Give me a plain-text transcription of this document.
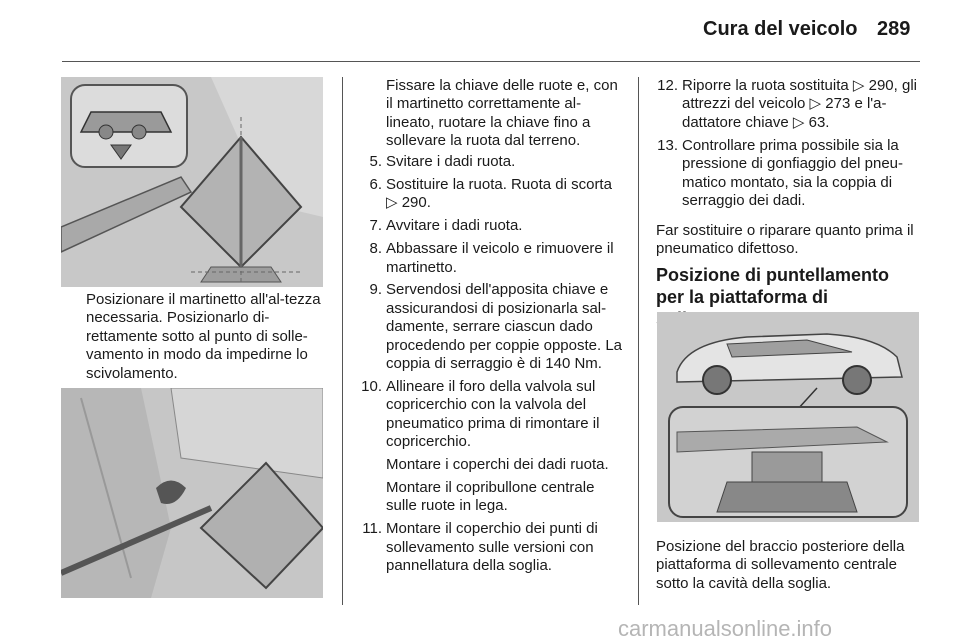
Cura del veicolo 289

Posizionare il martinetto all'al-tezza necessaria. Posizionarlo di-rettamente sotto al punto di solle-vamento in modo da impedirne lo scivolamento.

Fissare la chiave delle ruote e, con il martinetto correttamente al-lineato, ruotare la chiave fino a sollevare la ruota dal terreno.

5. Svitare i dadi ruota.

6. Sostituire la ruota. Ruota di scorta ▷ 290.

7. Avvitare i dadi ruota.

8. Abbassare il veicolo e rimuovere il martinetto.

9. Servendosi dell'apposita chiave e assicurandosi di posizionarla sal-damente, serrare ciascun dado procedendo per coppie opposte. La coppia di serraggio è di 140 Nm.

10. Allineare il foro della valvola sul copricerchio con la valvola del pneumatico prima di rimontare il copricerchio.

Montare i coperchi dei dadi ruota.

Montare il copribullone centrale sulle ruote in lega.

11. Montare il coperchio dei punti di sollevamento sulle versioni con pannellatura della soglia.

12. Riporre la ruota sostituita ▷ 290, gli attrezzi del veicolo ▷ 273 e l'a-dattatore chiave ▷ 63.

13. Controllare prima possibile sia la pressione di gonfiaggio del pneu-matico montato, sia la coppia di serraggio dei dadi.

Far sostituire o riparare quanto prima il pneumatico difettoso.

Posizione di puntellamento per la piattaforma di

Posizione del braccio posteriore della piattaforma di sollevamento centrale sotto la cavità della soglia.

carmanualsonline.info
